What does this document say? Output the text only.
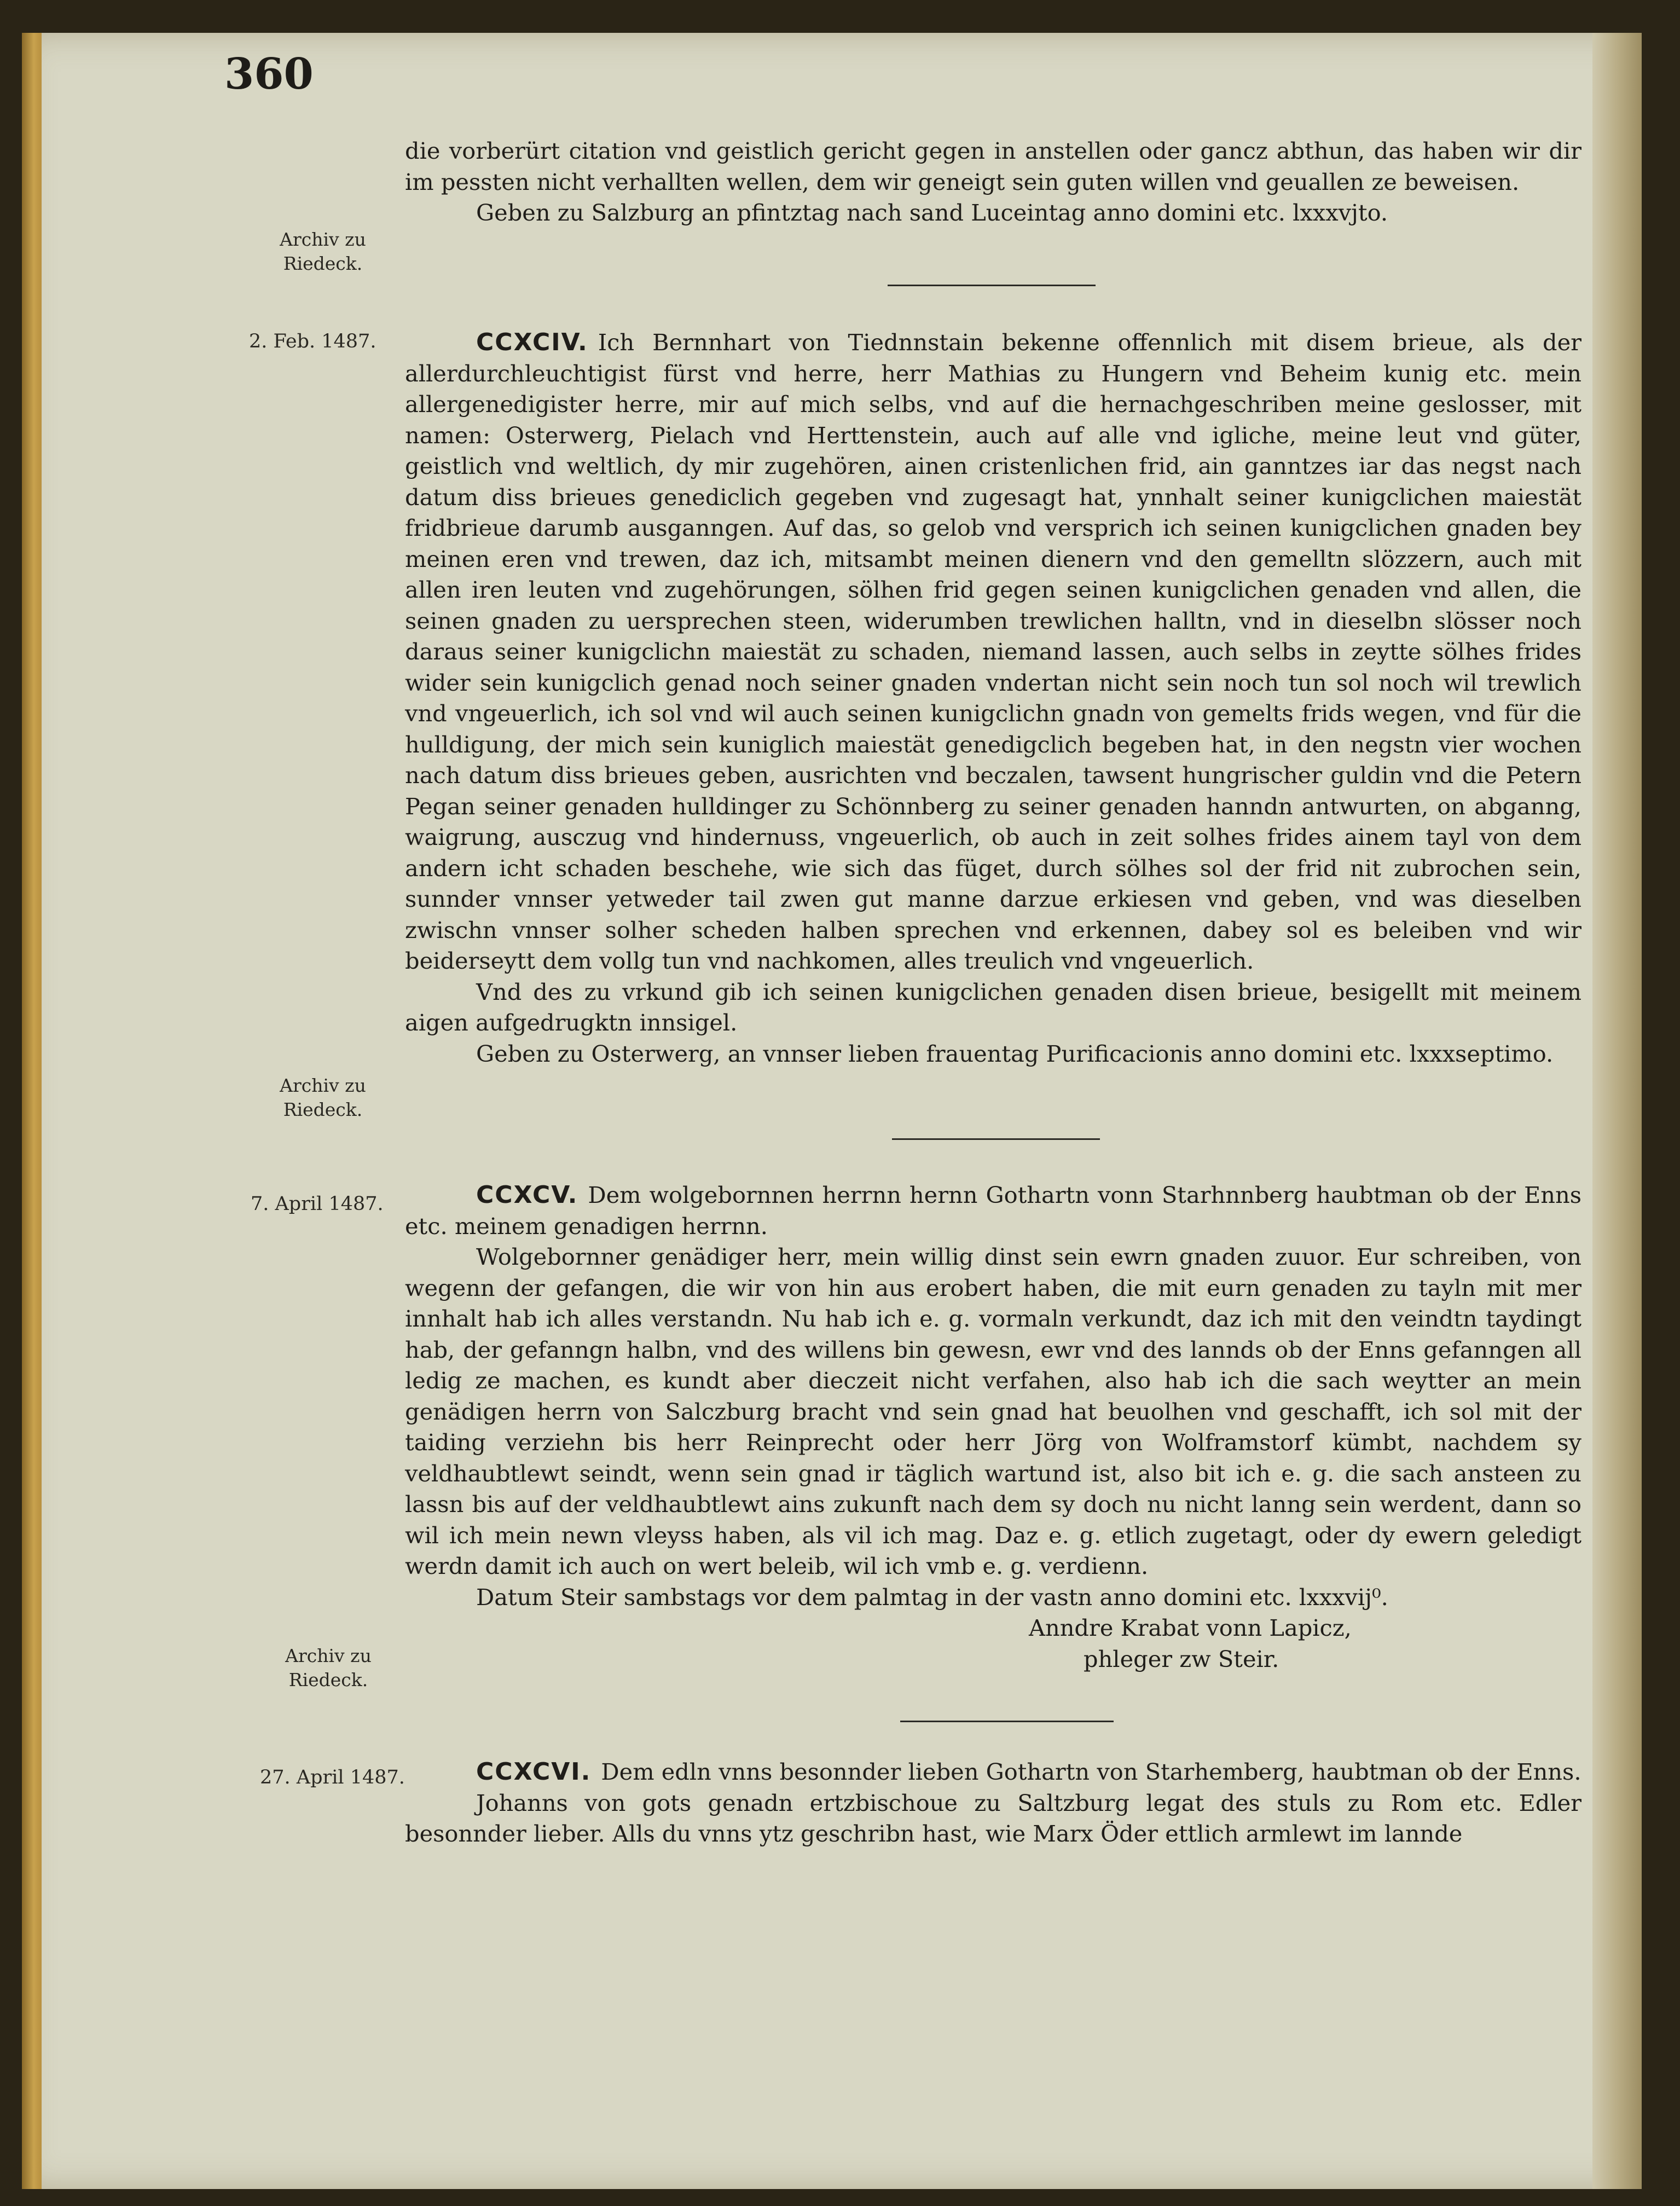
360

die vorberürt citation vnd geistlich gericht gegen in anstellen oder gancz abthun, das haben wir dir im pessten nicht verhallten wellen, dem wir geneigt sein guten willen vnd geuallen ze beweisen.

Geben zu Salzburg an pfintztag nach sand Luceintag anno domini etc. lxxxvjto.

Archiv zu Riedeck.
2. Feb. 1487.	CCXCIV. Ich Bernnhart von Tiednnstain bekenne offennlich mit disem brieue, als der allerdurchleuchtigist fürst vnd herre, herr Mathias zu Hungern vnd Beheim kunig etc. mein allergenedigister herre, mir auf mich selbs, vnd auf die hernachgeschriben meine geslosser, mit namen: Osterwerg, Pielach vnd Herttenstein, auch auf alle vnd igliche, meine leut vnd güter, geistlich vnd weltlich, dy mir zugehören, ainen cristenlichen frid, ain ganntzes iar das negst nach datum diss brieues genediclich gegeben vnd zugesagt hat, ynnhalt seiner kunigclichen maiestät fridbrieue darumb ausganngen. Auf das, so gelob vnd versprich ich seinen kunigclichen gnaden bey meinen eren vnd trewen, daz ich, mitsambt meinen dienern vnd den gemelltn slözzern, auch mit allen iren leuten vnd zugehörungen, sölhen frid gegen seinen kunigclichen genaden vnd allen, die seinen gnaden zu uersprechen steen, widerumben trewlichen halltn, vnd in dieselbn slösser noch daraus seiner kunigclichn maiestät zu schaden, niemand lassen, auch selbs in zeytte sölhes frides wider sein kunigclich genad noch seiner gnaden vndertan nicht sein noch tun sol noch wil trewlich vnd vngeuerlich, ich sol vnd wil auch seinen kunigclichn gnadn von gemelts frids wegen, vnd für die hulldigung, der mich sein kuniglich maiestät genedigclich begeben hat, in den negstn vier wochen nach datum diss brieues geben, ausrichten vnd beczalen, tawsent hungrischer guldin vnd die Petern Pegan seiner genaden hulldinger zu Schönnberg zu seiner genaden hanndn antwurten, on abganng, waigrung, ausczug vnd hindernuss, vngeuerlich, ob auch in zeit solhes frides ainem tayl von dem andern icht schaden beschehe, wie sich das füget, durch sölhes sol der frid nit zubrochen sein, sunnder vnnser yetweder tail zwen gut manne darzue erkiesen vnd geben, vnd was dieselben zwischn vnnser solher scheden halben sprechen vnd erkennen, dabey sol es beleiben vnd wir beiderseytt dem vollg tun vnd nachkomen, alles treulich vnd vngeuerlich.

Vnd des zu vrkund gib ich seinen kunigclichen genaden disen brieue, besigellt mit meinem aigen aufgedrugktn innsigel.

Geben zu Osterwerg, an vnnser lieben frauentag Purificacionis anno domini etc. lxxxseptimo.

Archiv zu Riedeck.
7. April 1487.	CCXCV. Dem wolgebornnen herrnn hernn Gothartn vonn Starhnnberg haubtman ob der Enns etc. meinem genadigen herrnn.

Wolgebornner genädiger herr, mein willig dinst sein ewrn gnaden zuuor. Eur schreiben, von wegenn der gefangen, die wir von hin aus erobert haben, die mit eurn genaden zu tayln mit mer innhalt hab ich alles verstandn. Nu hab ich e. g. vormaln verkundt, daz ich mit den veindtn taydingt hab, der gefanngn halbn, vnd des willens bin gewesn, ewr vnd des lannds ob der Enns gefanngen all ledig ze machen, es kundt aber dieczeit nicht verfahen, also hab ich die sach weytter an mein genädigen herrn von Salczburg bracht vnd sein gnad hat beuolhen vnd geschafft, ich sol mit der taiding verziehn bis herr Reinprecht oder herr Jörg von Wolframstorf kümbt, nachdem sy veldhaubtlewt seindt, wenn sein gnad ir täglich wartund ist, also bit ich e. g. die sach ansteen zu lassn bis auf der veldhaubtlewt ains zukunft nach dem sy doch nu nicht lanng sein werdent, dann so wil ich mein newn vleyss haben, als vil ich mag. Daz e. g. etlich zugetagt, oder dy ewern geledigt werdn damit ich auch on wert beleib, wil ich vmb e. g. verdienn.

Datum Steir sambstags vor dem palmtag in der vastn anno domini etc. lxxxvij⁰.

Anndre Krabat vonn Lapicz,

phleger zw Steir.

Archiv zu Riedeck.
27. April 1487.	CCXCVI. Dem edln vnns besonnder lieben Gothartn von Starhemberg, haubtman ob der Enns.

Johanns von gots genadn ertzbischoue zu Saltzburg legat des stuls zu Rom etc. Edler besonnder lieber. Alls du vnns ytz geschribn hast, wie Marx Öder ettlich armlewt im lannde
